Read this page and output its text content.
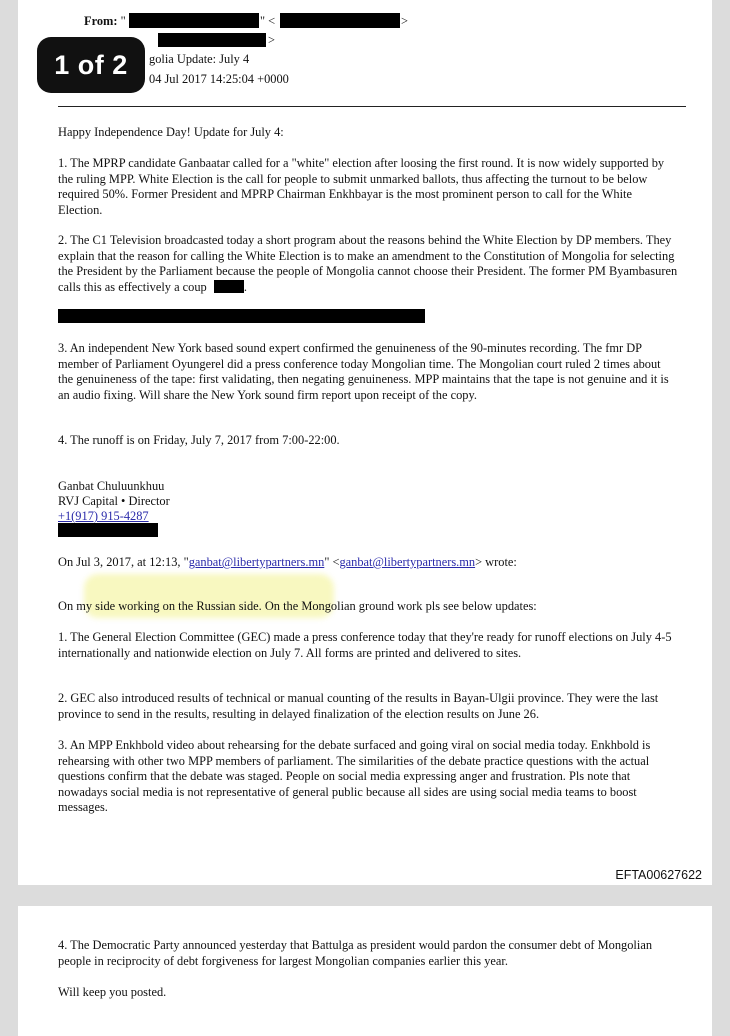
From: "	" <	>
>
golia Update: July 4
04 Jul 2017 14:25:04 +0000
Happy Independence Day! Update for July 4:
1. The MPRP candidate Ganbaatar called for a "white" election after loosing the first round. It is now widely supported by the ruling MPP. White Election is the call for people to submit unmarked ballots, thus affecting the turnout to be below required 50%. Former President and MPRP Chairman Enkhbayar is the most prominent person to call for the White Election.
2. The C1 Television broadcasted today a short program about the reasons behind the White Election by DP members. They explain that the reason for calling the White Election is to make an amendment to the Constitution of Mongolia for selecting the President by the Parliament because the people of Mongolia cannot choose their President. The former PM Byambasuren calls this as effectively a coup	.
3. An independent New York based sound expert confirmed the genuineness of the 90-minutes recording. The fmr DP member of Parliament Oyungerel did a press conference today Mongolian time. The Mongolian court ruled 2 times about the genuineness of the tape: first validating, then negating genuineness. MPP maintains that the tape is not genuine and it is an audio fixing. Will share the New York sound firm report upon receipt of the copy.
4. The runoff is on Friday, July 7, 2017 from 7:00-22:00.
Ganbat Chuluunkhuu
RVJ Capital • Director
+1(917) 915-4287
On Jul 3, 2017, at 12:13, "ganbat@libertypartners.mn" <ganbat@libertypartners.mn> wrote:
On my side working on the Russian side. On the Mongolian ground work pls see below updates:
1. The General Election Committee (GEC) made a press conference today that they're ready for runoff elections on July 4-5 internationally and nationwide election on July 7. All forms are printed and delivered to sites.
2. GEC also introduced results of technical or manual counting of the results in Bayan-Ulgii province. They were the last province to send in the results, resulting in delayed finalization of the election results on June 26.
3. An MPP Enkhbold video about rehearsing for the debate surfaced and going viral on social media today. Enkhbold is rehearsing with other two MPP members of parliament. The similarities of the debate practice questions with the actual questions confirm that the debate was staged. People on social media expressing anger and frustration. Pls note that nowadays social media is not representative of general public because all sides are using social media teams to boost messages.
EFTA00627622
4. The Democratic Party announced yesterday that Battulga as president would pardon the consumer debt of Mongolian people in reciprocity of debt forgiveness for largest Mongolian companies earlier this year.
Will keep you posted.
1 of 2
